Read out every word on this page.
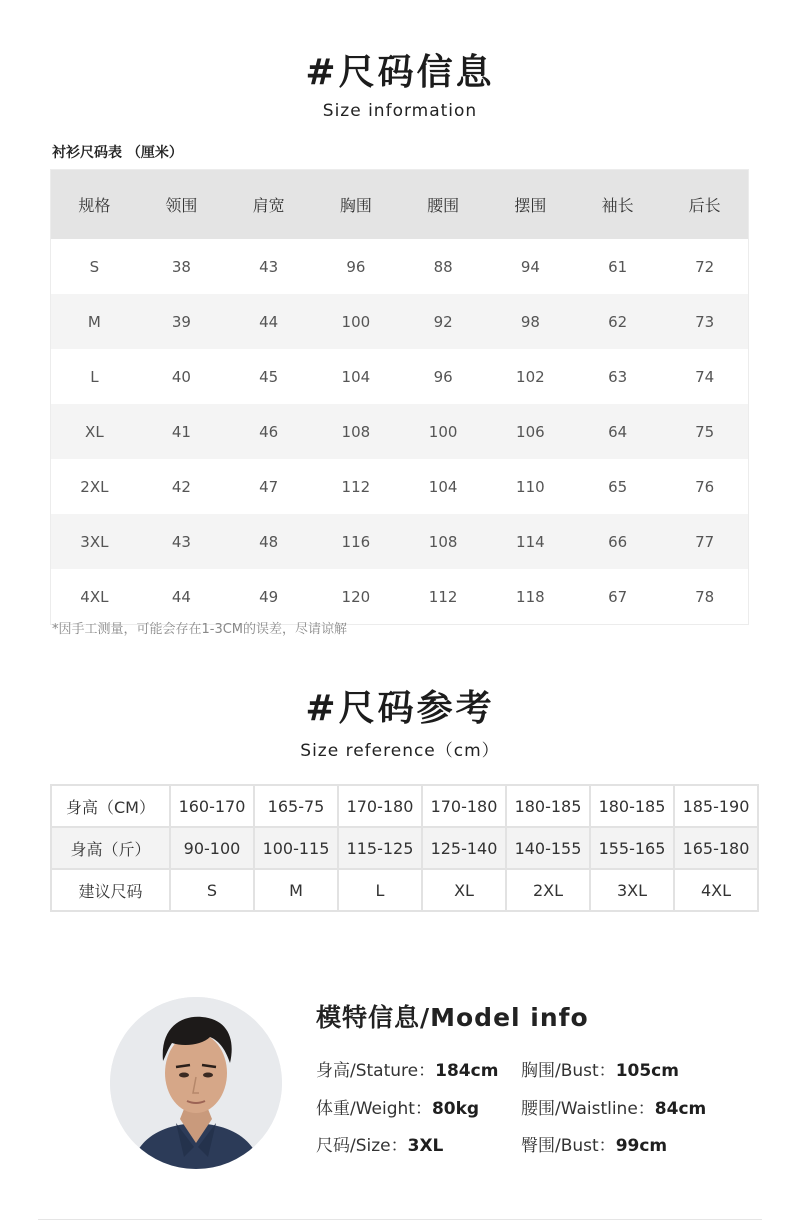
#尺码信息
Size information
衬衫尺码表 （厘米）
规格	领围	肩宽	胸围	腰围	摆围	袖长	后长
S	38	43	96	88	94	61	72
M	39	44	100	92	98	62	73
L	40	45	104	96	102	63	74
XL	41	46	108	100	106	64	75
2XL	42	47	112	104	110	65	76
3XL	43	48	116	108	114	66	77
4XL	44	49	120	112	118	67	78
*因手工测量，可能会存在1-3CM的误差，尽请谅解
#尺码参考
Size reference（cm）
身高（CM）	160-170	165-75	170-180	170-180	180-185	180-185	185-190
身高（斤）	90-100	100-115	115-125	125-140	140-155	155-165	165-180
建议尺码	S	M	L	XL	2XL	3XL	4XL
模特信息/Model info
身高/Stature：184cm
体重/Weight：80kg
尺码/Size：3XL
胸围/Bust：105cm
腰围/Waistline：84cm
臀围/Bust：99cm
